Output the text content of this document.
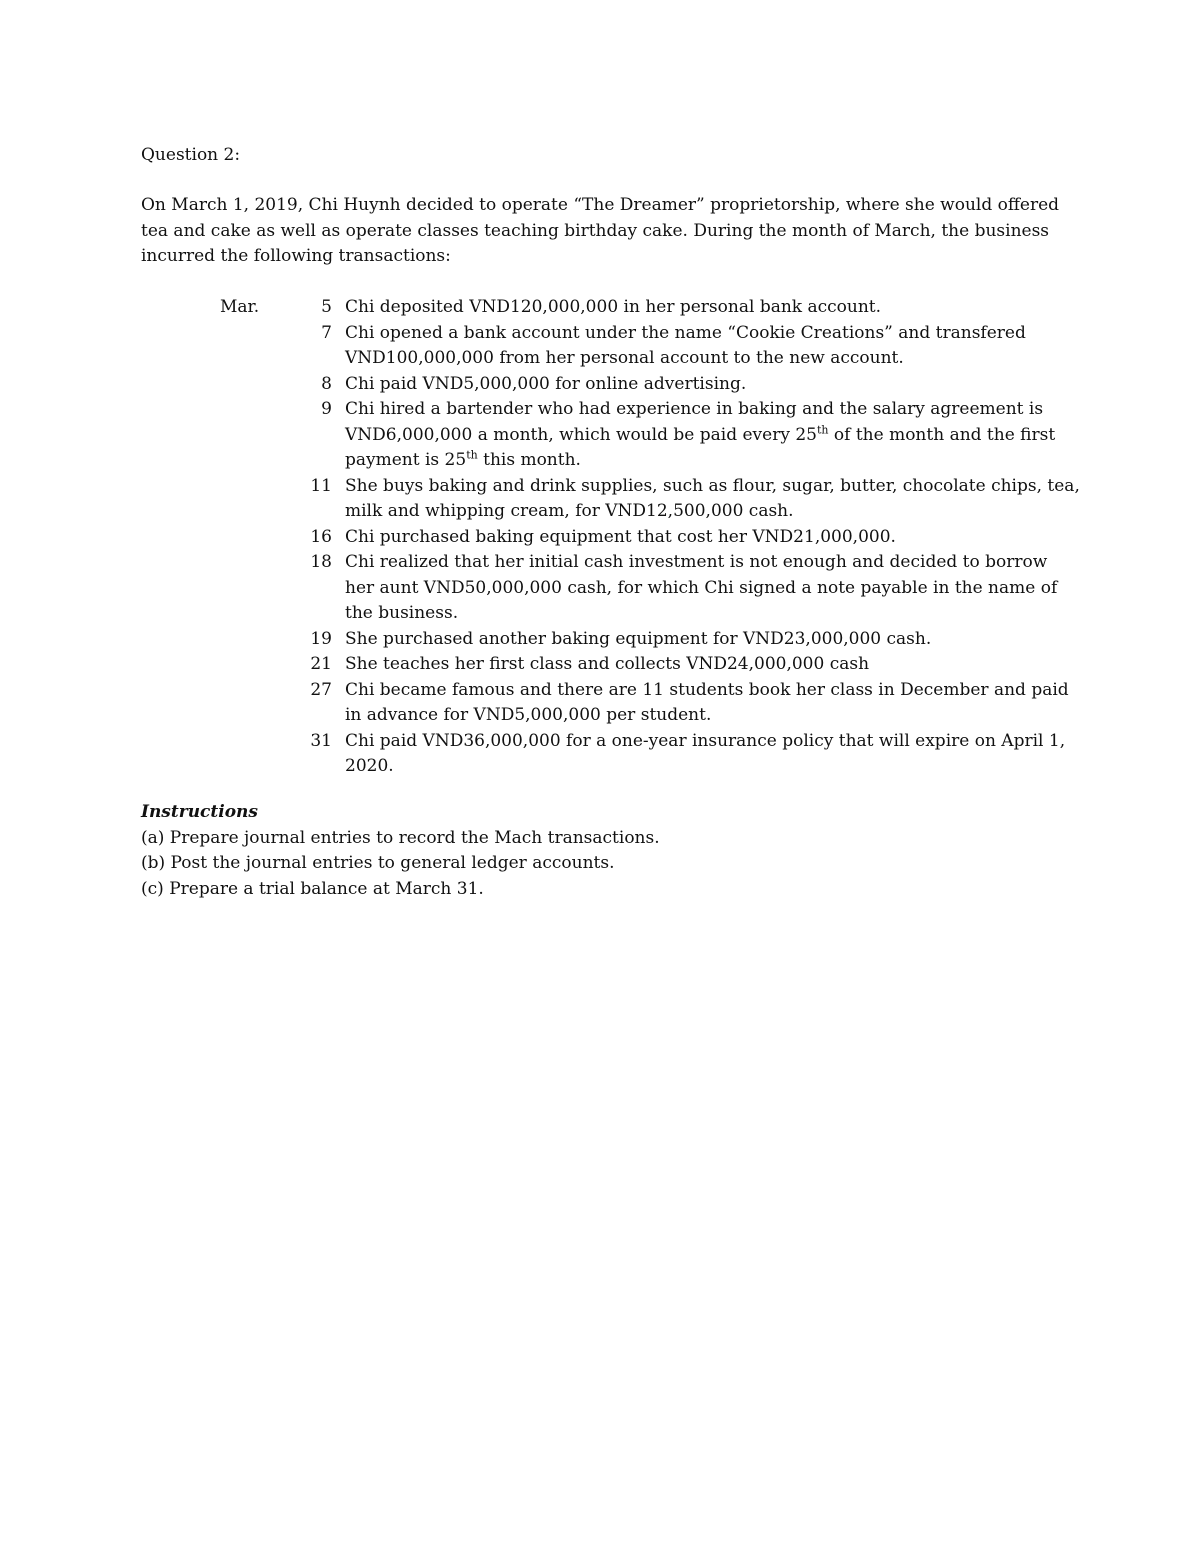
Question 2:
On March 1, 2019, Chi Huynh decided to operate “The Dreamer” proprietorship, where she would offered tea and cake as well as operate classes teaching birthday cake. During the month of March, the business incurred the following transactions:
Mar.	5 Chi deposited VND120,000,000 in her personal bank account.
7 Chi opened a bank account under the name “Cookie Creations” and transfered VND100,000,000 from her personal account to the new account.
8 Chi paid VND5,000,000 for online advertising.
9 Chi hired a bartender who had experience in baking and the salary agreement is VND6,000,000 a month, which would be paid every 25th of the month and the first payment is 25th this month.
11 She buys baking and drink supplies, such as flour, sugar, butter, chocolate chips, tea, milk and whipping cream, for VND12,500,000 cash.
16 Chi purchased baking equipment that cost her VND21,000,000.
18 Chi realized that her initial cash investment is not enough and decided to borrow her aunt VND50,000,000 cash, for which Chi signed a note payable in the name of the business.
19 She purchased another baking equipment for VND23,000,000 cash.
21 She teaches her first class and collects VND24,000,000 cash
27 Chi became famous and there are 11 students book her class in December and paid in advance for VND5,000,000 per student.
31 Chi paid VND36,000,000 for a one-year insurance policy that will expire on April 1, 2020.
Instructions
(a) Prepare journal entries to record the Mach transactions.
(b) Post the journal entries to general ledger accounts.
(c) Prepare a trial balance at March 31.
